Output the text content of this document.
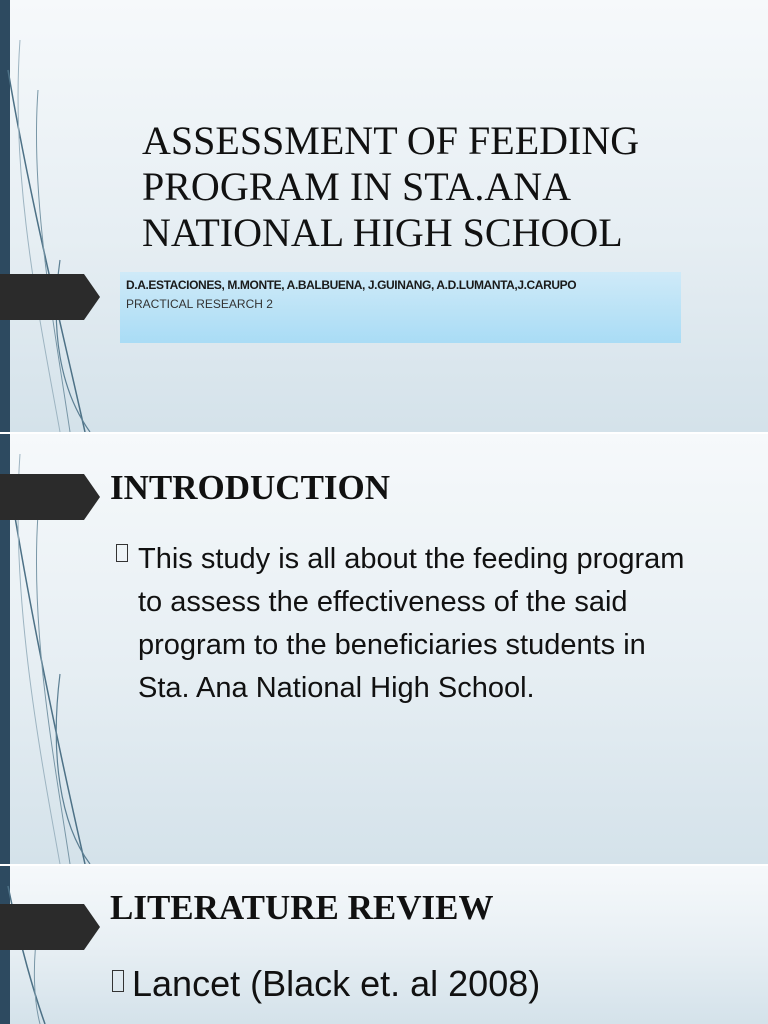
ASSESSMENT OF FEEDING PROGRAM IN STA.ANA NATIONAL HIGH SCHOOL
D.A.ESTACIONES, M.MONTE, A.BALBUENA, J.GUINANG, A.D.LUMANTA,J.CARUPO
PRACTICAL RESEARCH 2
INTRODUCTION
This study is all about the feeding program to assess the effectiveness of the said program to the beneficiaries students in Sta. Ana National High School.
LITERATURE REVIEW
Lancet (Black et. al 2008)
